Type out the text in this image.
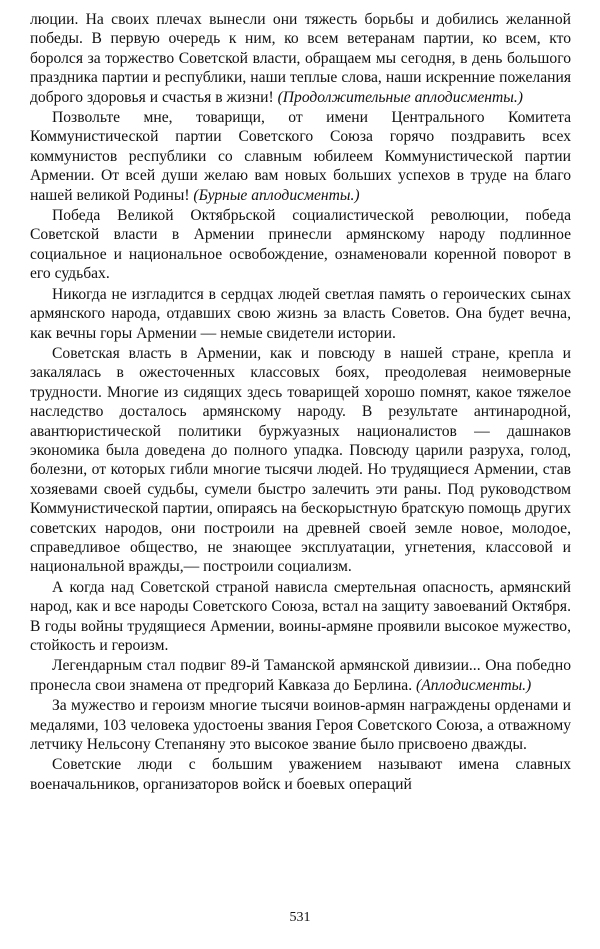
люции. На своих плечах вынесли они тяжесть борьбы и добились желанной победы. В первую очередь к ним, ко всем ветеранам партии, ко всем, кто боролся за торжество Советской власти, обращаем мы сегодня, в день большого праздника партии и республики, наши теплые слова, наши искренние пожелания доброго здоровья и счастья в жизни! (Продолжительные аплодисменты.)

Позвольте мне, товарищи, от имени Центрального Комитета Коммунистической партии Советского Союза горячо поздравить всех коммунистов республики со славным юбилеем Коммунистической партии Армении. От всей души желаю вам новых больших успехов в труде на благо нашей великой Родины! (Бурные аплодисменты.)

Победа Великой Октябрьской социалистической революции, победа Советской власти в Армении принесли армянскому народу подлинное социальное и национальное освобождение, ознаменовали коренной поворот в его судьбах.

Никогда не изгладится в сердцах людей светлая память о героических сынах армянского народа, отдавших свою жизнь за власть Советов. Она будет вечна, как вечны горы Армении — немые свидетели истории.

Советская власть в Армении, как и повсюду в нашей стране, крепла и закалялась в ожесточенных классовых боях, преодолевая неимоверные трудности. Многие из сидящих здесь товарищей хорошо помнят, какое тяжелое наследство досталось армянскому народу. В результате антинародной, авантюристической политики буржуазных националистов — дашнаков экономика была доведена до полного упадка. Повсюду царили разруха, голод, болезни, от которых гибли многие тысячи людей. Но трудящиеся Армении, став хозяевами своей судьбы, сумели быстро залечить эти раны. Под руководством Коммунистической партии, опираясь на бескорыстную братскую помощь других советских народов, они построили на древней своей земле новое, молодое, справедливое общество, не знающее эксплуатации, угнетения, классовой и национальной вражды,— построили социализм.

А когда над Советской страной нависла смертельная опасность, армянский народ, как и все народы Советского Союза, встал на защиту завоеваний Октября. В годы войны трудящиеся Армении, воины-армяне проявили высокое мужество, стойкость и героизм.

Легендарным стал подвиг 89-й Таманской армянской дивизии... Она победно пронесла свои знамена от предгорий Кавказа до Берлина. (Аплодисменты.)

За мужество и героизм многие тысячи воинов-армян награждены орденами и медалями, 103 человека удостоены звания Героя Советского Союза, а отважному летчику Нельсону Степаняну это высокое звание было присвоено дважды.

Советские люди с большим уважением называют имена славных военачальников, организаторов войск и боевых операций

531
